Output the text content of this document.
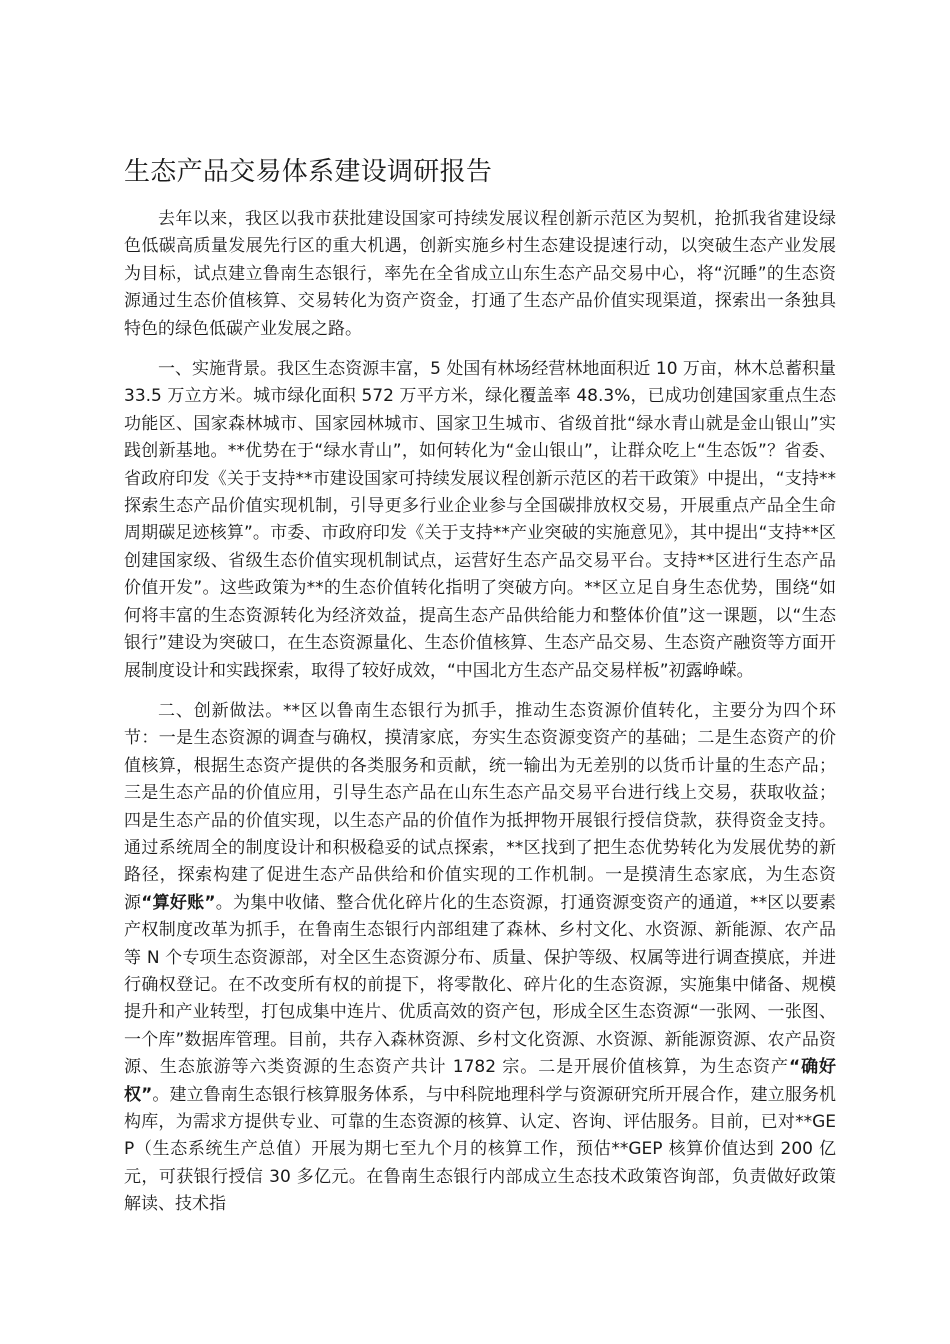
生态产品交易体系建设调研报告

去年以来，我区以我市获批建设国家可持续发展议程创新示范区为契机，抢抓我省建设绿色低碳高质量发展先行区的重大机遇，创新实施乡村生态建设提速行动，以突破生态产业发展为目标，试点建立鲁南生态银行，率先在全省成立山东生态产品交易中心，将“沉睡”的生态资源通过生态价值核算、交易转化为资产资金，打通了生态产品价值实现渠道，探索出一条独具特色的绿色低碳产业发展之路。

一、实施背景。我区生态资源丰富，5 处国有林场经营林地面积近 10 万亩，林木总蓄积量 33.5 万立方米。城市绿化面积 572 万平方米，绿化覆盖率 48.3%，已成功创建国家重点生态功能区、国家森林城市、国家园林城市、国家卫生城市、省级首批“绿水青山就是金山银山”实践创新基地。**优势在于“绿水青山”，如何转化为“金山银山”，让群众吃上“生态饭”？省委、省政府印发《关于支持**市建设国家可持续发展议程创新示范区的若干政策》中提出，“支持**探索生态产品价值实现机制，引导更多行业企业参与全国碳排放权交易，开展重点产品全生命周期碳足迹核算”。市委、市政府印发《关于支持**产业突破的实施意见》，其中提出“支持**区创建国家级、省级生态价值实现机制试点，运营好生态产品交易平台。支持**区进行生态产品价值开发”。这些政策为**的生态价值转化指明了突破方向。**区立足自身生态优势，围绕“如何将丰富的生态资源转化为经济效益，提高生态产品供给能力和整体价值”这一课题，以“生态银行”建设为突破口，在生态资源量化、生态价值核算、生态产品交易、生态资产融资等方面开展制度设计和实践探索，取得了较好成效，“中国北方生态产品交易样板”初露峥嵘。

二、创新做法。**区以鲁南生态银行为抓手，推动生态资源价值转化，主要分为四个环节：一是生态资源的调查与确权，摸清家底，夯实生态资源变资产的基础；二是生态资产的价值核算，根据生态资产提供的各类服务和贡献，统一输出为无差别的以货币计量的生态产品；三是生态产品的价值应用，引导生态产品在山东生态产品交易平台进行线上交易，获取收益；四是生态产品的价值实现，以生态产品的价值作为抵押物开展银行授信贷款，获得资金支持。通过系统周全的制度设计和积极稳妥的试点探索，**区找到了把生态优势转化为发展优势的新路径，探索构建了促进生态产品供给和价值实现的工作机制。一是摸清生态家底，为生态资源“算好账”。为集中收储、整合优化碎片化的生态资源，打通资源变资产的通道，**区以要素产权制度改革为抓手，在鲁南生态银行内部组建了森林、乡村文化、水资源、新能源、农产品等 N 个专项生态资源部，对全区生态资源分布、质量、保护等级、权属等进行调查摸底，并进行确权登记。在不改变所有权的前提下，将零散化、碎片化的生态资源，实施集中储备、规模提升和产业转型，打包成集中连片、优质高效的资产包，形成全区生态资源“一张网、一张图、一个库”数据库管理。目前，共存入森林资源、乡村文化资源、水资源、新能源资源、农产品资源、生态旅游等六类资源的生态资产共计 1782 宗。二是开展价值核算，为生态资产“确好权”。建立鲁南生态银行核算服务体系，与中科院地理科学与资源研究所开展合作，建立服务机构库，为需求方提供专业、可靠的生态资源的核算、认定、咨询、评估服务。目前，已对**GEP（生态系统生产总值）开展为期七至九个月的核算工作，预估**GEP 核算价值达到 200 亿元，可获银行授信 30 多亿元。在鲁南生态银行内部成立生态技术政策咨询部，负责做好政策解读、技术指
